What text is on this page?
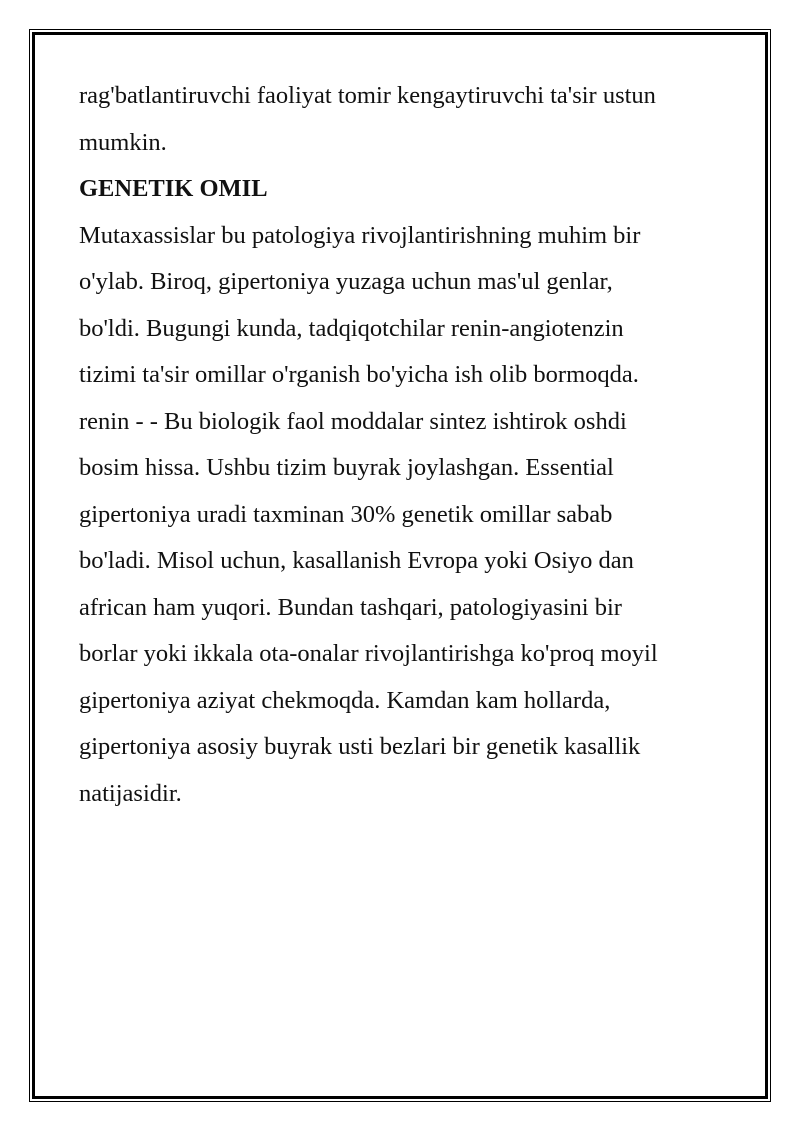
rag'batlantiruvchi faoliyat tomir kengaytiruvchi ta'sir ustun
mumkin.
GENETIK OMIL
Mutaxassislar bu patologiya rivojlantirishning muhim bir
o'ylab. Biroq, gipertoniya yuzaga uchun mas'ul genlar,
bo'ldi. Bugungi kunda, tadqiqotchilar renin-angiotenzin
tizimi ta'sir omillar o'rganish bo'yicha ish olib bormoqda.
renin - - Bu biologik faol moddalar sintez ishtirok oshdi
bosim hissa. Ushbu tizim buyrak joylashgan. Essential
gipertoniya uradi taxminan 30% genetik omillar sabab
bo'ladi. Misol uchun, kasallanish Evropa yoki Osiyo dan
african ham yuqori. Bundan tashqari, patologiyasini bir
borlar yoki ikkala ota-onalar rivojlantirishga ko'proq moyil
gipertoniya aziyat chekmoqda. Kamdan kam hollarda,
gipertoniya asosiy buyrak usti bezlari bir genetik kasallik
natijasidir.
